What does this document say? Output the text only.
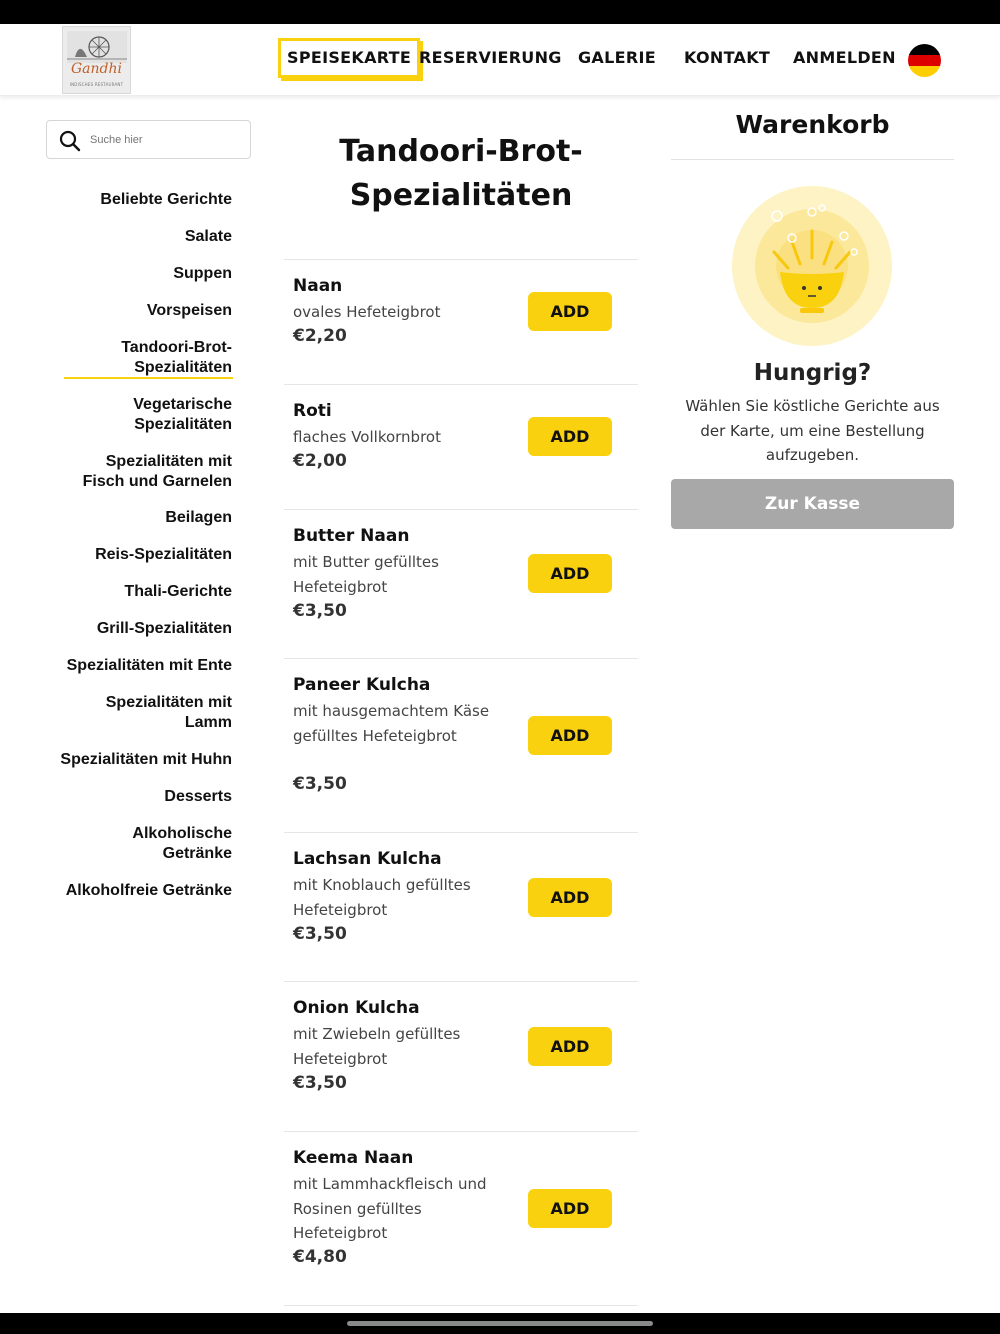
Gandhi
INDISCHES RESTAURANT
SPEISEKARTE RESERVIERUNG GALERIE KONTAKT ANMELDEN
Suche hier
Beliebte Gerichte
Salate
Suppen
Vorspeisen
Tandoori-Brot-Spezialitäten
Vegetarische Spezialitäten
Spezialitäten mit Fisch und Garnelen
Beilagen
Reis-Spezialitäten
Thali-Gerichte
Grill-Spezialitäten
Spezialitäten mit Ente
Spezialitäten mit Lamm
Spezialitäten mit Huhn
Desserts
Alkoholische Getränke
Alkoholfreie Getränke
Tandoori-Brot-Spezialitäten
Naan
ovales Hefeteigbrot
€2,20
ADD
Roti
flaches Vollkornbrot
€2,00
ADD
Butter Naan
mit Butter gefülltes Hefeteigbrot
€3,50
ADD
Paneer Kulcha
mit hausgemachtem Käse gefülltes Hefeteigbrot
€3,50
ADD
Lachsan Kulcha
mit Knoblauch gefülltes Hefeteigbrot
€3,50
ADD
Onion Kulcha
mit Zwiebeln gefülltes Hefeteigbrot
€3,50
ADD
Keema Naan
mit Lammhackfleisch und Rosinen gefülltes Hefeteigbrot
€4,80
ADD
Warenkorb
Hungrig?
Wählen Sie köstliche Gerichte aus der Karte, um eine Bestellung aufzugeben.
Zur Kasse
